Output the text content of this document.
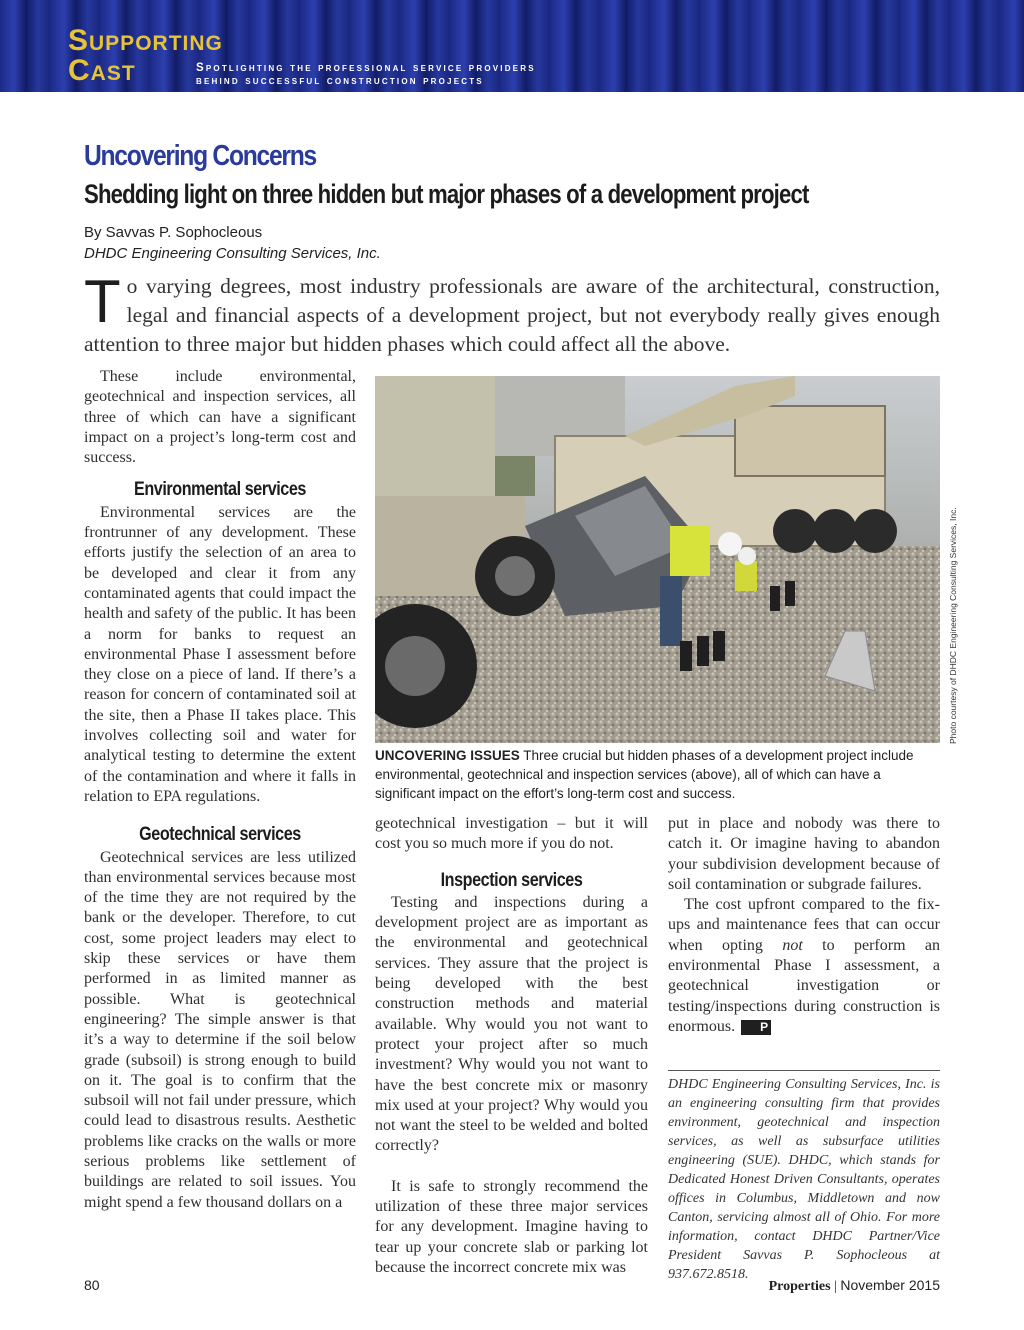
Supporting
Cast	Spotlighting the professional service providers
behind successful construction projects
Uncovering Concerns
Shedding light on three hidden but major phases of a development project
By Savvas P. Sophocleous
DHDC Engineering Consulting Services, Inc.
To varying degrees, most industry professionals are aware of the architectural, construction, legal and financial aspects of a development project, but not everybody really gives enough attention to three major but hidden phases which could affect all the above.

These include environmental, geotechnical and inspection services, all three of which can have a significant impact on a project’s long-term cost and success.

Environmental services

Environmental services are the frontrunner of any development. These efforts justify the selection of an area to be developed and clear it from any contaminated agents that could impact the health and safety of the public. It has been a norm for banks to request an environmental Phase I assessment before they close on a piece of land. If there’s a reason for concern of contaminated soil at the site, then a Phase II takes place. This involves collecting soil and water for analytical testing to determine the extent of the contamination and where it falls in relation to EPA regulations.

Geotechnical services

Geotechnical services are less utilized than environmental services because most of the time they are not required by the bank or the developer. Therefore, to cut cost, some project leaders may elect to skip these services or have them performed in as limited manner as possible. What is geotechnical engineering? The simple answer is that it’s a way to determine if the soil below grade (subsoil) is strong enough to build on it. The goal is to confirm that the subsoil will not fail under pressure, which could lead to disastrous results. Aesthetic problems like cracks on the walls or more serious problems like settlement of buildings are related to soil issues. You might spend a few thousand dollars on a

Photo courtesy of DHDC Engineering Consulting Services, Inc.
UNCOVERING ISSUES Three crucial but hidden phases of a development project include environmental, geotechnical and inspection services (above), all of which can have a significant impact on the effort’s long-term cost and success.

geotechnical investigation – but it will cost you so much more if you do not.

Inspection services

Testing and inspections during a development project are as important as the environmental and geotechnical services. They assure that the project is being developed with the best construction methods and material available. Why would you not want to protect your project after so much investment? Why would you not want to have the best concrete mix or masonry mix used at your project? Why would you not want the steel to be welded and bolted correctly?

It is safe to strongly recommend the utilization of these three major services for any development. Imagine having to tear up your concrete slab or parking lot because the incorrect concrete mix was

put in place and nobody was there to catch it. Or imagine having to abandon your subdivision development because of soil contamination or subgrade failures.

The cost upfront compared to the fix-ups and maintenance fees that can occur when opting not to perform an environmental Phase I assessment, a geotechnical investigation or testing/inspections during construction is enormous. P

DHDC Engineering Consulting Services, Inc. is an engineering consulting firm that provides environment, geotechnical and inspection services, as well as subsurface utilities engineering (SUE). DHDC, which stands for Dedicated Honest Driven Consultants, operates offices in Columbus, Middletown and now Canton, servicing almost all of Ohio. For more information, contact DHDC Partner/Vice President Savvas P. Sophocleous at 937.672.8518.
80	Properties | November 2015
